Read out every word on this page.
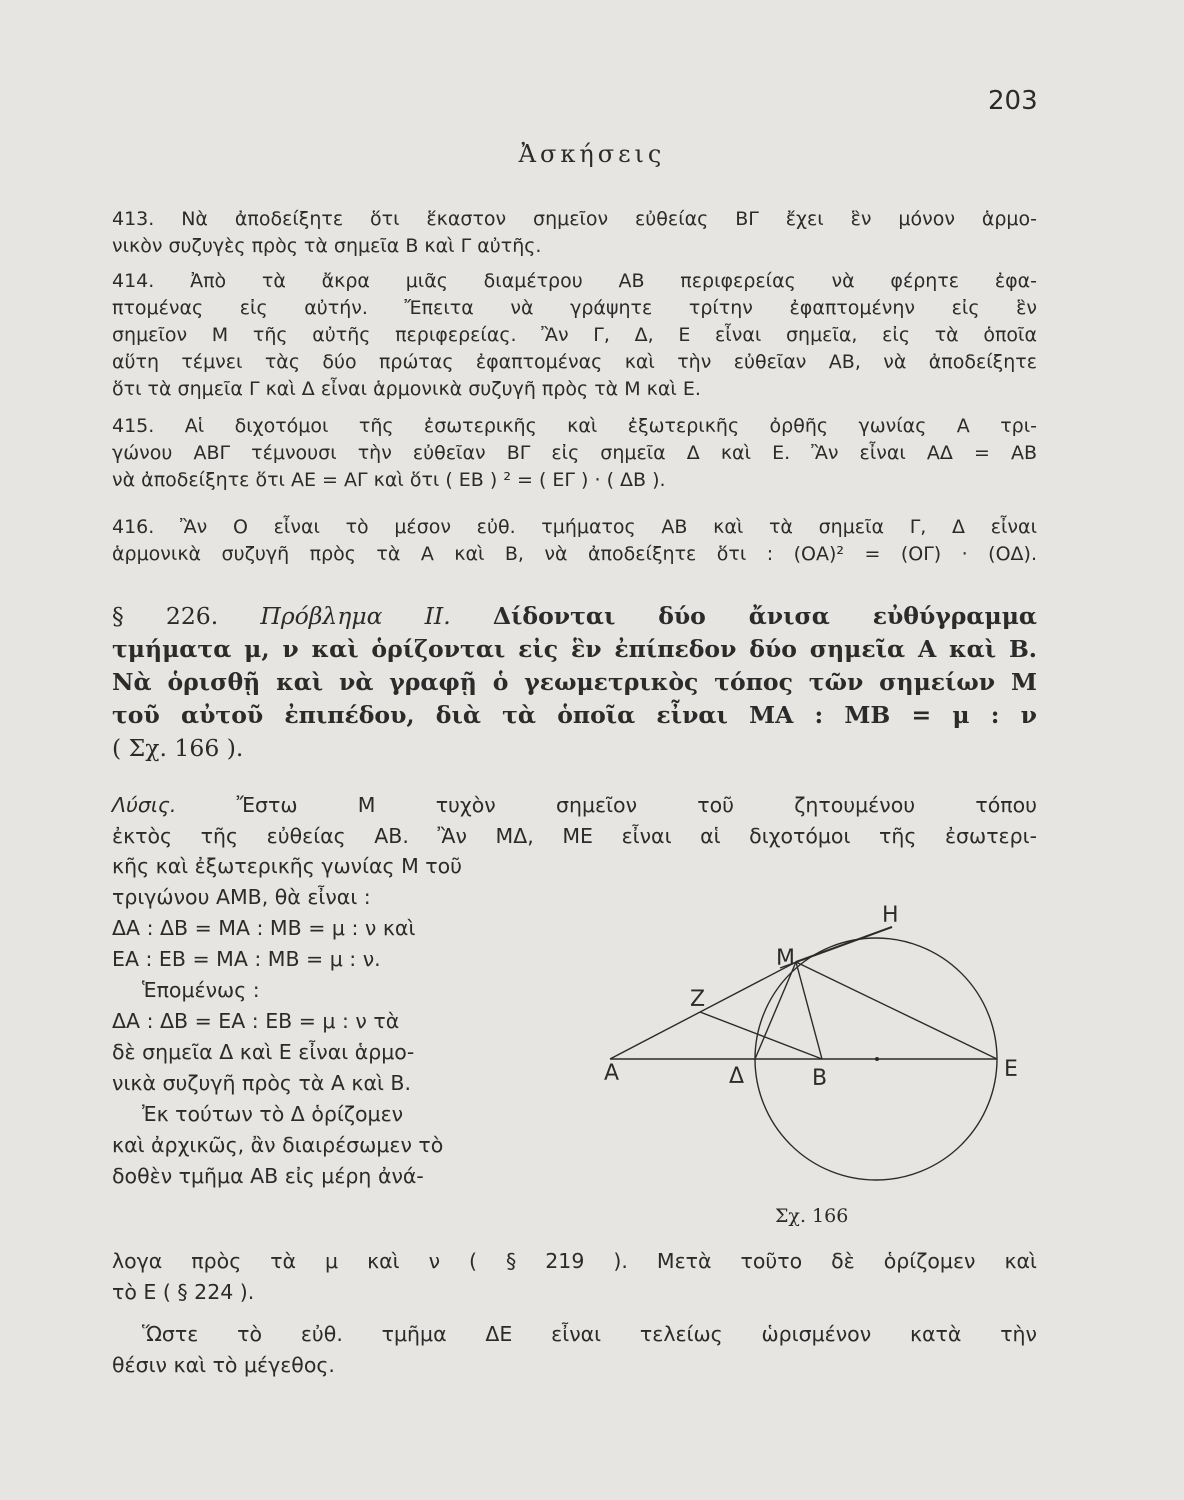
203
Ἀσκήσεις

413. Νὰ ἀποδείξητε ὅτι ἕκαστον σημεῖον εὐθείας ΒΓ ἔχει ἓν μόνον ἁρμο-
νικὸν συζυγὲς πρὸς τὰ σημεῖα Β καὶ Γ αὐτῆς.

414. Ἀπὸ τὰ ἄκρα μιᾶς διαμέτρου ΑΒ περιφερείας νὰ φέρητε ἐφα-
πτομένας εἰς αὐτήν. Ἔπειτα νὰ γράψητε τρίτην ἐφαπτομένην εἰς ἓν
σημεῖον Μ τῆς αὐτῆς περιφερείας. Ἂν Γ, Δ, Ε εἶναι σημεῖα, εἰς τὰ ὁποῖα
αὕτη τέμνει τὰς δύο πρώτας ἐφαπτομένας καὶ τὴν εὐθεῖαν ΑΒ, νὰ ἀποδείξητε
ὅτι τὰ σημεῖα Γ καὶ Δ εἶναι ἁρμονικὰ συζυγῆ πρὸς τὰ Μ καὶ Ε.

415. Αἱ διχοτόμοι τῆς ἐσωτερικῆς καὶ ἐξωτερικῆς ὀρθῆς γωνίας Α τρι-
γώνου ΑΒΓ τέμνουσι τὴν εὐθεῖαν ΒΓ εἰς σημεῖα Δ καὶ Ε. Ἂν εἶναι ΑΔ = ΑΒ
νὰ ἀποδείξητε ὅτι ΑΕ = ΑΓ καὶ ὅτι ( ΕΒ ) ² = ( ΕΓ ) · ( ΔΒ ).

416. Ἂν Ο εἶναι τὸ μέσον εὐθ. τμήματος ΑΒ καὶ τὰ σημεῖα Γ, Δ εἶναι
ἁρμονικὰ συζυγῆ πρὸς τὰ Α καὶ Β, νὰ ἀποδείξητε ὅτι : (ΟΑ)² = (ΟΓ) · (ΟΔ).

§ 226. Πρόβλημα ΙΙ. Δίδονται δύο ἄνισα εὐθύγραμμα
τμήματα μ, ν καὶ ὁρίζονται εἰς ἓν ἐπίπεδον δύο σημεῖα Α καὶ Β.
Νὰ ὁρισθῇ καὶ νὰ γραφῇ ὁ γεωμετρικὸς τόπος τῶν σημείων Μ
τοῦ αὐτοῦ ἐπιπέδου, διὰ τὰ ὁποῖα εἶναι ΜΑ : ΜΒ = μ : ν
( Σχ. 166 ).
Λύσις.	Ἔστω Μ τυχὸν σημεῖον τοῦ ζητουμένου τόπου
ἐκτὸς τῆς εὐθείας ΑΒ. Ἂν ΜΔ, ΜΕ εἶναι αἱ διχοτόμοι τῆς ἐσωτερι-
κῆς καὶ ἐξωτερικῆς γωνίας Μ τοῦ
τριγώνου ΑΜΒ, θὰ εἶναι :
ΔΑ : ΔΒ = ΜΑ : ΜΒ = μ : ν καὶ
ΕΑ : ΕΒ = ΜΑ : ΜΒ = μ : ν.
Ἑπομένως :
ΔΑ : ΔΒ = ΕΑ : ΕΒ = μ : ν τὰ
δὲ σημεῖα Δ καὶ Ε εἶναι ἁρμο-
νικὰ συζυγῆ πρὸς τὰ Α καὶ Β.
Ἐκ τούτων τὸ Δ ὁρίζομεν
καὶ ἀρχικῶς, ἂν διαιρέσωμεν τὸ
δοθὲν τμῆμα ΑΒ εἰς μέρη ἀνά-
λογα πρὸς τὰ μ καὶ ν ( § 219 ). Μετὰ τοῦτο δὲ ὁρίζομεν καὶ
τὸ Ε ( § 224 ).
Ὥστε τὸ εὐθ. τμῆμα ΔΕ εἶναι τελείως ὡρισμένον κατὰ τὴν
θέσιν καὶ τὸ μέγεθος.
Α	Δ	Β	Ε
Μ
Ζ
Η
Σχ. 166
